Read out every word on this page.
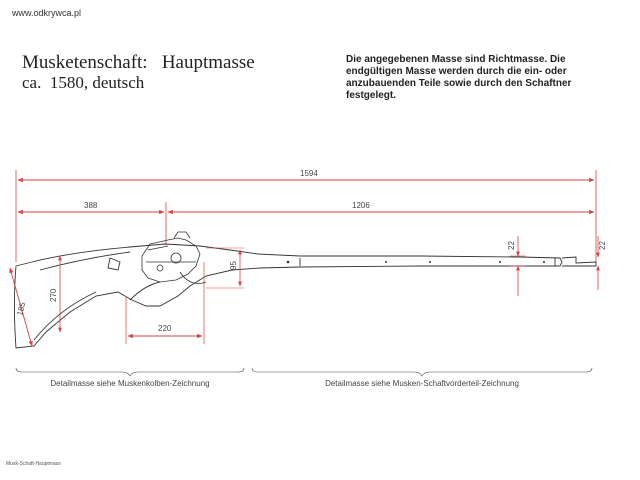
www.odkrywca.pl
Musketenschaft:   Hauptmasse
ca.  1580, deutsch
Die angegebenen Masse sind Richtmasse. Die endgültigen Masse werden durch die ein- oder anzubauenden Teile sowie durch den Schaftner festgelegt.
1594
388	1206
185
270
220
95
22	22
Detailmasse siehe Muskenkolben-Zeichnung	Detailmasse siehe Musken-Schaftvorderteil-Zeichnung
Musk-Schaft-Hauptmass
